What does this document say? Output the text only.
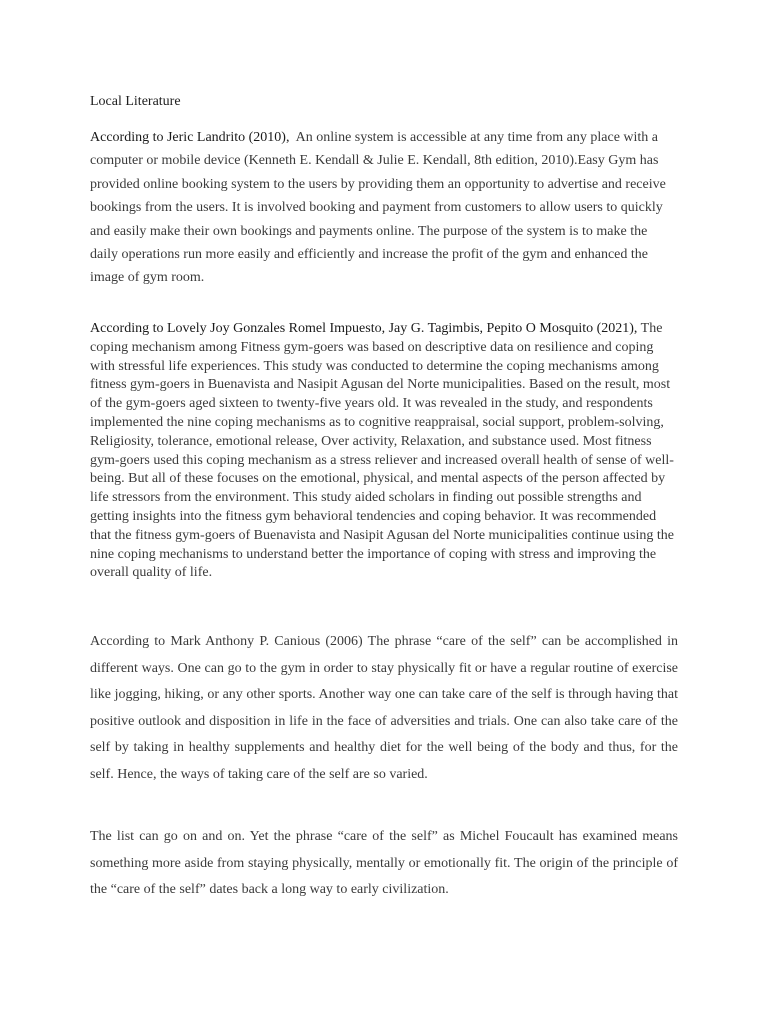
Local Literature

According to Jeric Landrito (2010),  An online system is accessible at any time from any place with a computer or mobile device (Kenneth E. Kendall & Julie E. Kendall, 8th edition, 2010).Easy Gym has provided online booking system to the users by providing them an opportunity to advertise and receive bookings from the users. It is involved booking and payment from customers to allow users to quickly and easily make their own bookings and payments online. The purpose of the system is to make the daily operations run more easily and efficiently and increase the profit of the gym and enhanced the image of gym room.

According to Lovely Joy Gonzales Romel Impuesto, Jay G. Tagimbis, Pepito O Mosquito (2021), The coping mechanism among Fitness gym-goers was based on descriptive data on resilience and coping with stressful life experiences. This study was conducted to determine the coping mechanisms among fitness gym-goers in Buenavista and Nasipit Agusan del Norte municipalities. Based on the result, most of the gym-goers aged sixteen to twenty-five years old. It was revealed in the study, and respondents implemented the nine coping mechanisms as to cognitive reappraisal, social support, problem-solving, Religiosity, tolerance, emotional release, Over activity, Relaxation, and substance used. Most fitness gym-goers used this coping mechanism as a stress reliever and increased overall health of sense of well-being. But all of these focuses on the emotional, physical, and mental aspects of the person affected by life stressors from the environment. This study aided scholars in finding out possible strengths and getting insights into the fitness gym behavioral tendencies and coping behavior. It was recommended that the fitness gym-goers of Buenavista and Nasipit Agusan del Norte municipalities continue using the nine coping mechanisms to understand better the importance of coping with stress and improving the overall quality of life.

According to Mark Anthony P. Canious (2006) The phrase “care of the self” can be accomplished in different ways. One can go to the gym in order to stay physically fit or have a regular routine of exercise like jogging, hiking, or any other sports. Another way one can take care of the self is through having that positive outlook and disposition in life in the face of adversities and trials. One can also take care of the self by taking in healthy supplements and healthy diet for the well being of the body and thus, for the self. Hence, the ways of taking care of the self are so varied.

The list can go on and on. Yet the phrase “care of the self” as Michel Foucault has examined means something more aside from staying physically, mentally or emotionally fit. The origin of the principle of the “care of the self” dates back a long way to early civilization.
